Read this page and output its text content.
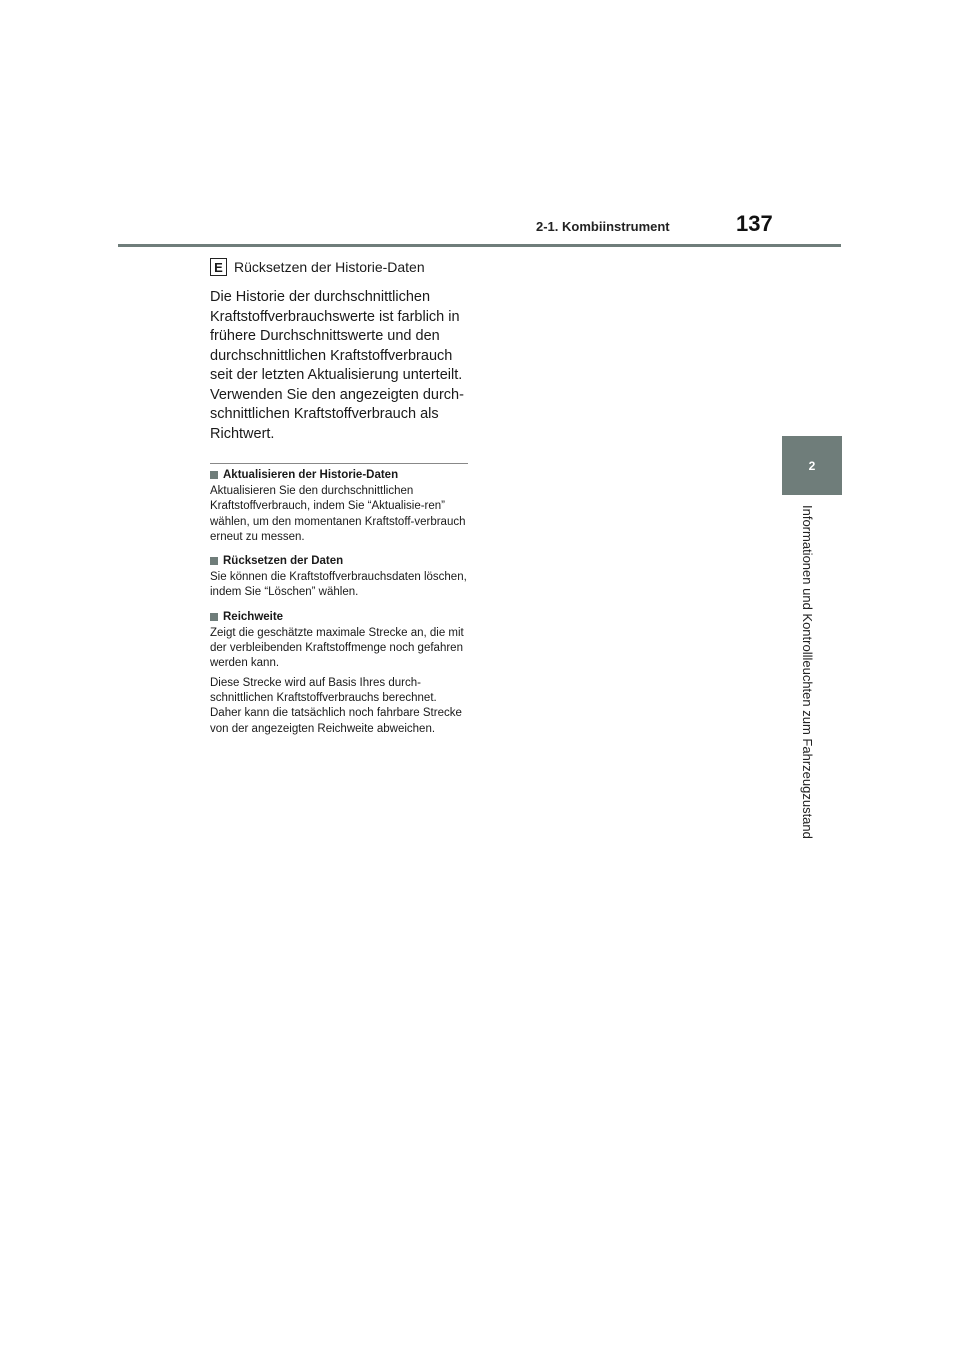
2-1. Kombiinstrument	137
2
Informationen und Kontrollleuchten zum Fahrzeugzustand
E Rücksetzen der Historie-Daten

Die Historie der durchschnittlichen Kraftstoffverbrauchswerte ist farblich in frühere Durchschnittswerte und den durchschnittlichen Kraftstoffverbrauch seit der letzten Aktualisierung unterteilt. Verwenden Sie den angezeigten durch-schnittlichen Kraftstoffverbrauch als Richtwert.

Aktualisieren der Historie-Daten

Aktualisieren Sie den durchschnittlichen Kraftstoffverbrauch, indem Sie “Aktualisie-ren” wählen, um den momentanen Kraftstoff-verbrauch erneut zu messen.

Rücksetzen der Daten

Sie können die Kraftstoffverbrauchsdaten löschen, indem Sie “Löschen” wählen.

Reichweite

Zeigt die geschätzte maximale Strecke an, die mit der verbleibenden Kraftstoffmenge noch gefahren werden kann.

Diese Strecke wird auf Basis Ihres durch-schnittlichen Kraftstoffverbrauchs berechnet. Daher kann die tatsächlich noch fahrbare Strecke von der angezeigten Reichweite abweichen.
